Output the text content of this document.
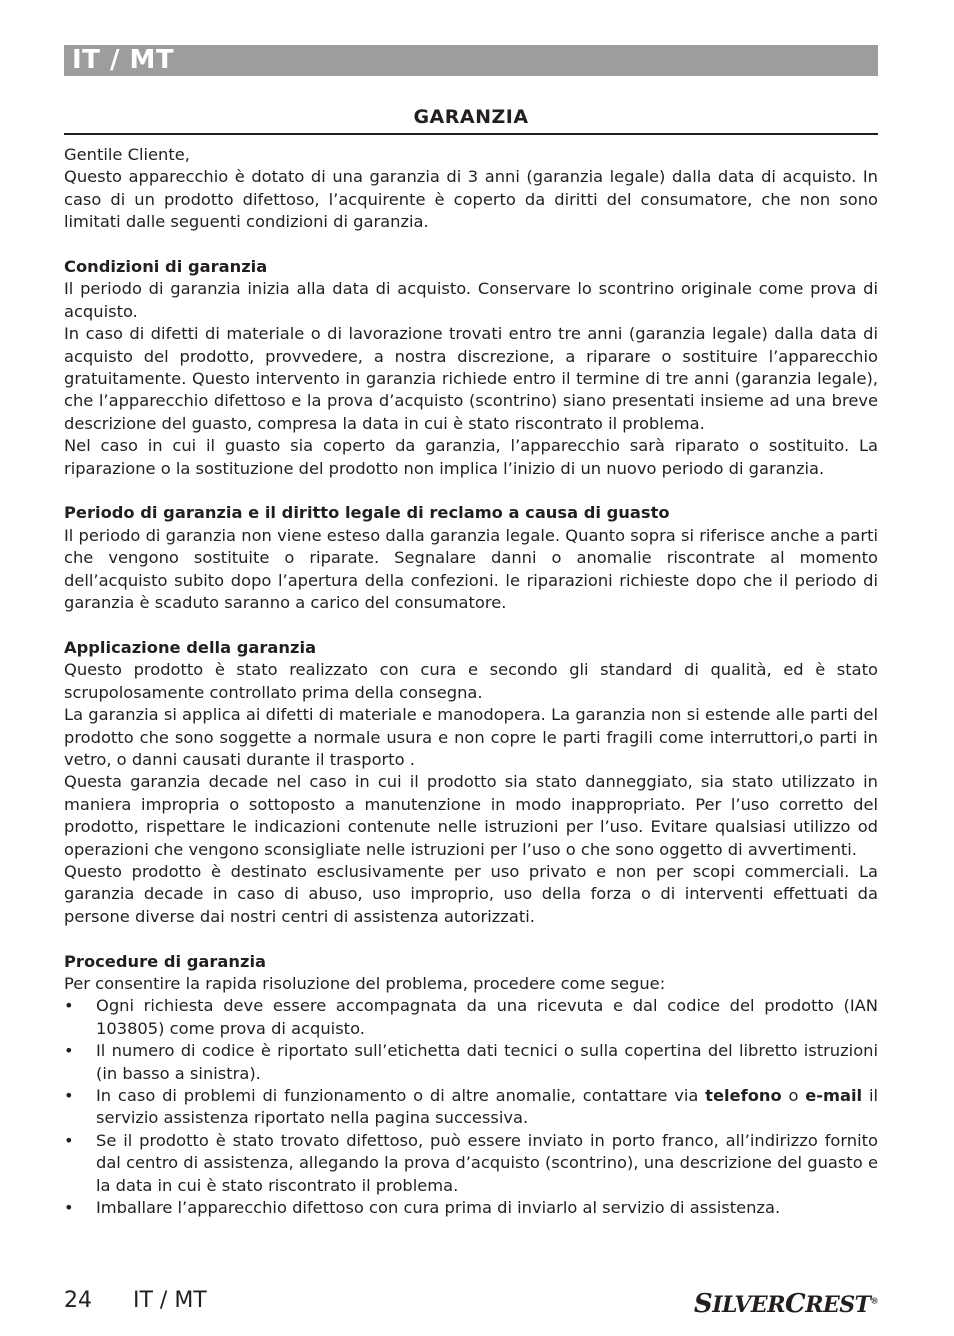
IT / MT
GARANZIA

Gentile Cliente,

Questo apparecchio è dotato di una garanzia di 3 anni (garanzia legale) dalla data di acquisto. In caso di un prodotto difettoso, l’acquirente è coperto da diritti del consumatore, che non sono limitati dalle seguenti condizioni di garanzia.

Condizioni di garanzia

Il periodo di garanzia inizia alla data di acquisto. Conservare lo scontrino originale come prova di acquisto.

In caso di difetti di materiale o di lavorazione trovati entro tre anni (garanzia legale) dalla data di acquisto del prodotto, provvedere, a nostra discrezione, a riparare o sostituire l’apparecchio gratuitamente. Questo intervento in garanzia richiede entro il termine di tre anni (garanzia legale), che l’apparecchio difettoso e la prova d’acquisto (scontrino) siano presentati insieme ad una breve descrizione del guasto, compresa la data in cui è stato riscontrato il problema.

Nel caso in cui il guasto sia coperto da garanzia, l’apparecchio sarà riparato o sostituito. La riparazione o la sostituzione del prodotto non implica l’inizio di un nuovo periodo di garanzia.

Periodo di garanzia e il diritto legale di reclamo a causa di guasto

Il periodo di garanzia non viene esteso dalla garanzia legale. Quanto sopra si riferisce anche a parti che vengono sostituite o riparate. Segnalare danni o anomalie riscontrate al momento dell’acquisto subito dopo l’apertura della confezioni. le riparazioni richieste dopo che il periodo di garanzia è scaduto saranno a carico del consumatore.

Applicazione della garanzia

Questo prodotto è stato realizzato con cura e secondo gli standard di qualità, ed è stato scrupolosamente controllato prima della consegna.

La garanzia si applica ai difetti di materiale e manodopera. La garanzia non si estende alle parti del prodotto che sono soggette a normale usura e non copre le parti fragili come interruttori,o parti in vetro, o danni causati durante il trasporto .

Questa garanzia decade nel caso in cui il prodotto sia stato danneggiato, sia stato utilizzato in maniera impropria o sottoposto a manutenzione in modo inappropriato. Per l’uso corretto del prodotto, rispettare le indicazioni contenute nelle istruzioni per l’uso. Evitare qualsiasi utilizzo od operazioni che vengono sconsigliate nelle istruzioni per l’uso o che sono oggetto di avvertimenti.

Questo prodotto è destinato esclusivamente per uso privato e non per scopi commerciali. La garanzia decade in caso di abuso, uso improprio, uso della forza o di interventi effettuati da persone diverse dai nostri centri di assistenza autorizzati.

Procedure di garanzia

Per consentire la rapida risoluzione del problema, procedere come segue:

• Ogni richiesta deve essere accompagnata da una ricevuta e dal codice del prodotto (IAN 103805) come prova di acquisto.
• Il numero di codice è riportato sull’etichetta dati tecnici o sulla copertina del libretto istruzioni (in basso a sinistra).
• In caso di problemi di funzionamento o di altre anomalie, contattare via telefono o e-mail il servizio assistenza riportato nella pagina successiva.
• Se il prodotto è stato trovato difettoso, può essere inviato in porto franco, all’indirizzo fornito dal centro di assistenza, allegando la prova d’acquisto (scontrino), una descrizione del guasto e la data in cui è stato riscontrato il problema.
• Imballare l’apparecchio difettoso con cura prima di inviarlo al servizio di assistenza.
24 IT / MT	SILVERCREST®
